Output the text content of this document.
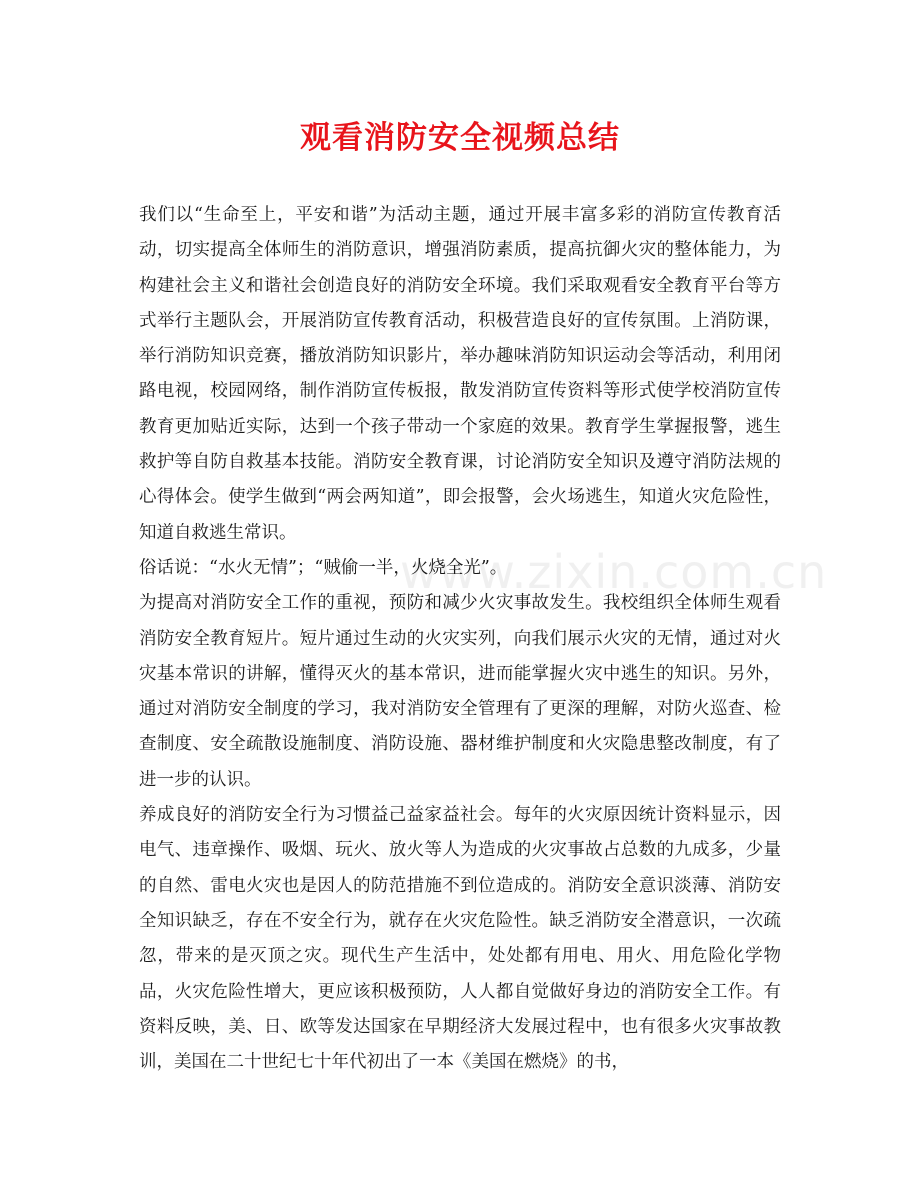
观看消防安全视频总结
www.zixin.com.cn

我们以“生命至上，平安和谐”为活动主题，通过开展丰富多彩的消防宣传教育活动，切实提高全体师生的消防意识，增强消防素质，提高抗御火灾的整体能力，为构建社会主义和谐社会创造良好的消防安全环境。我们采取观看安全教育平台等方式举行主题队会，开展消防宣传教育活动，积极营造良好的宣传氛围。上消防课，举行消防知识竞赛，播放消防知识影片，举办趣味消防知识运动会等活动，利用闭路电视，校园网络，制作消防宣传板报，散发消防宣传资料等形式使学校消防宣传教育更加贴近实际，达到一个孩子带动一个家庭的效果。教育学生掌握报警，逃生救护等自防自救基本技能。消防安全教育课，讨论消防安全知识及遵守消防法规的心得体会。使学生做到“两会两知道”，即会报警，会火场逃生，知道火灾危险性，知道自救逃生常识。

俗话说：“水火无情”；“贼偷一半，火烧全光”。

为提高对消防安全工作的重视，预防和减少火灾事故发生。我校组织全体师生观看消防安全教育短片。短片通过生动的火灾实列，向我们展示火灾的无情，通过对火灾基本常识的讲解，懂得灭火的基本常识，进而能掌握火灾中逃生的知识。另外，通过对消防安全制度的学习，我对消防安全管理有了更深的理解，对防火巡查、检查制度、安全疏散设施制度、消防设施、器材维护制度和火灾隐患整改制度，有了进一步的认识。

养成良好的消防安全行为习惯益己益家益社会。每年的火灾原因统计资料显示，因电气、违章操作、吸烟、玩火、放火等人为造成的火灾事故占总数的九成多，少量的自然、雷电火灾也是因人的防范措施不到位造成的。消防安全意识淡薄、消防安全知识缺乏，存在不安全行为，就存在火灾危险性。缺乏消防安全潜意识，一次疏忽，带来的是灭顶之灾。现代生产生活中，处处都有用电、用火、用危险化学物品，火灾危险性增大，更应该积极预防，人人都自觉做好身边的消防安全工作。有资料反映，美、日、欧等发达国家在早期经济大发展过程中，也有很多火灾事故教训，美国在二十世纪七十年代初出了一本《美国在燃烧》的书，
